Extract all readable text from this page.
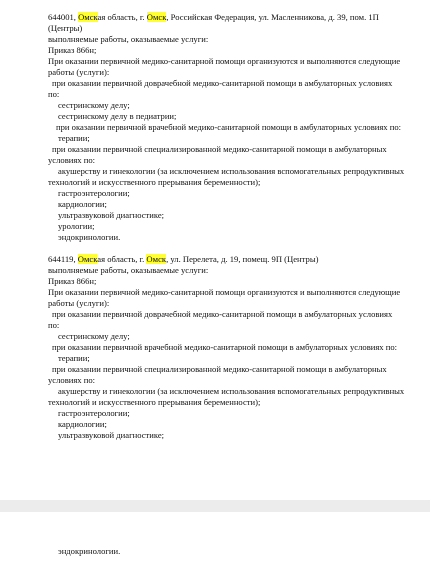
644001, Омская область, г. Омск, Российская Федерация, ул. Масленникова, д. 39, пом. 1П
(Центры)
выполняемые работы, оказываемые услуги:
Приказ 866н;
При оказании первичной медико-санитарной помощи организуются и выполняются следующие
работы (услуги):
при оказании первичной доврачебной медико-санитарной помощи в амбулаторных условиях
по:
сестринскому делу;
сестринскому делу в педиатрии;
при оказании первичной врачебной медико-санитарной помощи в амбулаторных условиях по:
терапии;
при оказании первичной специализированной медико-санитарной помощи в амбулаторных
условиях по:
акушерству и гинекологии (за исключением использования вспомогательных репродуктивных
технологий и искусственного прерывания беременности);
гастроэнтерологии;
кардиологии;
ультразвуковой диагностике;
урологии;
эндокринологии.
644119, Омская область, г. Омск, ул. Перелета, д. 19, помещ. 9П (Центры)
выполняемые работы, оказываемые услуги:
Приказ 866н;
При оказании первичной медико-санитарной помощи организуются и выполняются следующие
работы (услуги):
при оказании первичной доврачебной медико-санитарной помощи в амбулаторных условиях
по:
сестринскому делу;
при оказании первичной врачебной медико-санитарной помощи в амбулаторных условиях по:
терапии;
при оказании первичной специализированной медико-санитарной помощи в амбулаторных
условиях по:
акушерству и гинекологии (за исключением использования вспомогательных репродуктивных
технологий и искусственного прерывания беременности);
гастроэнтерологии;
кардиологии;
ультразвуковой диагностике;
эндокринологии.
